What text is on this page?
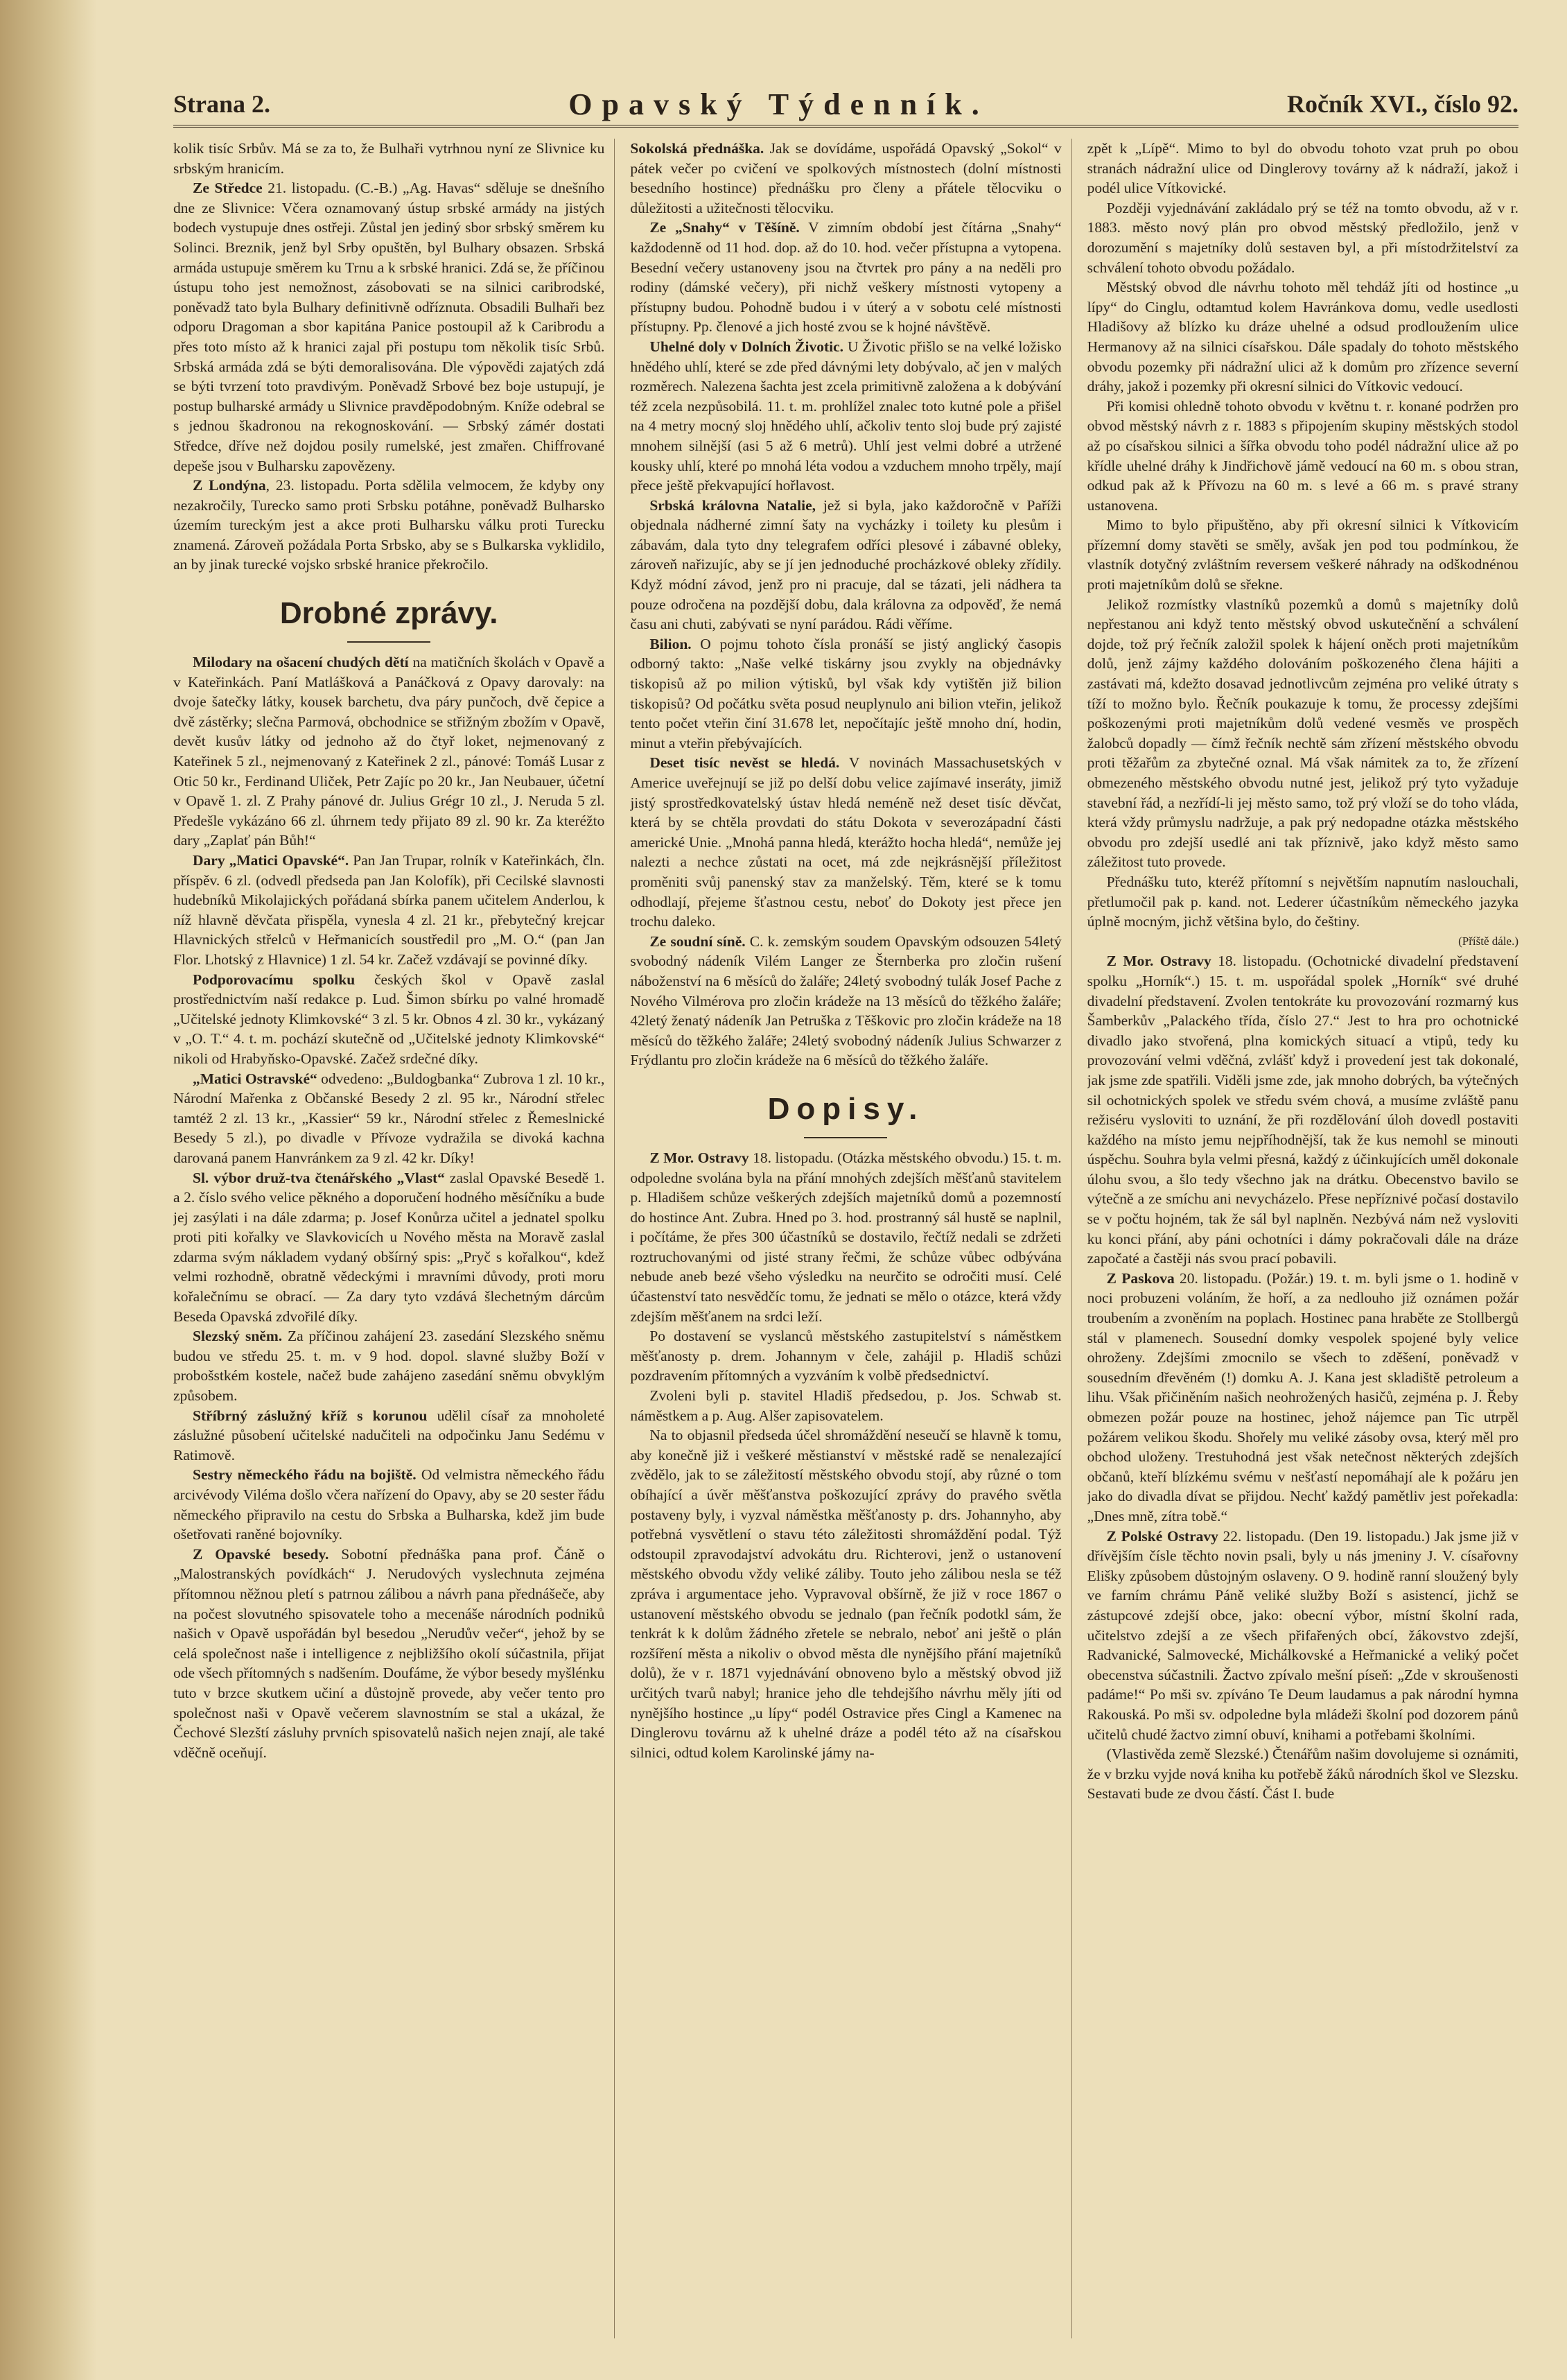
Strana 2.	Opavský Týdenník.	Ročník XVI., číslo 92.

kolik tisíc Srbův. Má se za to, že Bulhaři vytrhnou nyní ze Slivnice ku srbským hranicím.

Ze Středce 21. listopadu. (C.-B.) „Ag. Havas“ sděluje se dnešního dne ze Slivnice: Včera oznamovaný ústup srbské armády na jistých bodech vystupuje dnes ostřeji. Zůstal jen jediný sbor srbský směrem ku Solinci. Breznik, jenž byl Srby opuštěn, byl Bulhary obsazen. Srbská armáda ustupuje směrem ku Trnu a k srbské hranici. Zdá se, že příčinou ústupu toho jest nemožnost, zásobovati se na silnici caribrodské, poněvadž tato byla Bulhary definitivně odříznuta. Obsadili Bulhaři bez odporu Dragoman a sbor kapitána Panice postoupil až k Caribrodu a přes toto místo až k hranici zajal při postupu tom několik tisíc Srbů. Srbská armáda zdá se býti demoralisována. Dle výpovědi zajatých zdá se býti tvrzení toto pravdivým. Poněvadž Srbové bez boje ustupují, je postup bulharské armády u Slivnice pravděpodobným. Kníže odebral se s jednou škadronou na rekognoskování. — Srbský zámér dostati Středce, dříve než dojdou posily rumelské, jest zmařen. Chiffrované depeše jsou v Bulharsku zapovězeny.

Z Londýna, 23. listopadu. Porta sdělila velmocem, že kdyby ony nezakročily, Turecko samo proti Srbsku potáhne, poněvadž Bulharsko územím tureckým jest a akce proti Bulharsku válku proti Turecku znamená. Zároveň požádala Porta Srbsko, aby se s Bulkarska vyklidilo, an by jinak turecké vojsko srbské hranice překročilo.

Drobné zprávy.

Milodary na ošacení chudých dětí na matičních školách v Opavě a v Kateřinkách. Paní Matlášková a Panáčková z Opavy darovaly: na dvoje šatečky látky, kousek barchetu, dva páry punčoch, dvě čepice a dvě zástěrky; slečna Parmová, obchodnice se střižným zbožím v Opavě, devět kusův látky od jednoho až do čtyř loket, nejmenovaný z Kateřinek 5 zl., nejmenovaný z Kateřinek 2 zl., pánové: Tomáš Lusar z Otic 50 kr., Ferdinand Uliček, Petr Zajíc po 20 kr., Jan Neubauer, účetní v Opavě 1. zl. Z Prahy pánové dr. Julius Grégr 10 zl., J. Neruda 5 zl. Předešle vykázáno 66 zl. úhrnem tedy přijato 89 zl. 90 kr. Za kteréžto dary „Zaplať pán Bůh!“

Dary „Matici Opavské“. Pan Jan Trupar, rolník v Kateřinkách, čln. příspěv. 6 zl. (odvedl předseda pan Jan Kolofík), při Cecilské slavnosti hudebníků Mikolajických pořádaná sbírka panem učitelem Anderlou, k níž hlavně děvčata přispěla, vynesla 4 zl. 21 kr., přebytečný krejcar Hlavnických střelců v Heřmanicích soustředil pro „M. O.“ (pan Jan Flor. Lhotský z Hlavnice) 1 zl. 54 kr. Začež vzdávají se povinné díky.

Podporovacímu spolku českých škol v Opavě zaslal prostřednictvím naší redakce p. Lud. Šimon sbírku po valné hromadě „Učitelské jednoty Klimkovské“ 3 zl. 5 kr. Obnos 4 zl. 30 kr., vykázaný v „O. T.“ 4. t. m. pochází skutečně od „Učitelské jednoty Klimkovské“ nikoli od Hrabyňsko-Opavské. Začež srdečné díky.

„Matici Ostravské“ odvedeno: „Buldogbanka“ Zubrova 1 zl. 10 kr., Národní Mařenka z Občanské Besedy 2 zl. 95 kr., Národní střelec tamtéž 2 zl. 13 kr., „Kassier“ 59 kr., Národní střelec z Řemeslnické Besedy 5 zl.), po divadle v Přívoze vydražila se divoká kachna darovaná panem Hanvránkem za 9 zl. 42 kr. Díky!

Sl. výbor druž-tva čtenářského „Vlast“ zaslal Opavské Besedě 1. a 2. číslo svého velice pěkného a doporučení hodného měsíčníku a bude jej zasýlati i na dále zdarma; p. Josef Konůrza učitel a jednatel spolku proti piti kořalky ve Slavkovicích u Nového města na Moravě zaslal zdarma svým nákladem vydaný obšírný spis: „Pryč s kořalkou“, kdež velmi rozhodně, obratně vědeckými i mravními důvody, proti moru kořalečnímu se obrací. — Za dary tyto vzdává šlechetným dárcům Beseda Opavská zdvořilé díky.

Slezský sněm. Za příčinou zahájení 23. zasedání Slezského sněmu budou ve středu 25. t. m. v 9 hod. dopol. slavné služby Boží v probošstkém kostele, načež bude zahájeno zasedání sněmu obvyklým způsobem.

Stříbrný záslužný kříž s korunou udělil císař za mnoholeté záslužné působení učitelské nadučiteli na odpočinku Janu Sedému v Ratimově.

Sestry německého řádu na bojiště. Od velmistra německého řádu arcivévody Viléma došlo včera nařízení do Opavy, aby se 20 sester řádu německého připravilo na cestu do Srbska a Bulharska, kdež jim bude ošetřovati raněné bojovníky.

Z Opavské besedy. Sobotní přednáška pana prof. Čáně o „Malostranských povídkách“ J. Nerudových vyslechnuta zejména přítomnou něžnou pletí s patrnou zálibou a návrh pana přednášeče, aby na počest slovutného spisovatele toho a mecenáše národních podniků našich v Opavě uspořádán byl besedou „Nerudův večer“, jehož by se celá společnost naše i intelligence z nejbližšího okolí súčastnila, přijat ode všech přítomných s nadšením. Doufáme, že výbor besedy myšlénku tuto v brzce skutkem učiní a důstojně provede, aby večer tento pro společnost naši v Opavě večerem slavnostním se stal a ukázal, že Čechové Slezští zásluhy prvních spisovatelů našich nejen znají, ale také vděčně oceňují.

Sokolská přednáška. Jak se dovídáme, uspořádá Opavský „Sokol“ v pátek večer po cvičení ve spolkových místnostech (dolní místnosti besedního hostince) přednášku pro členy a přátele tělocviku o důležitosti a užitečnosti tělocviku.

Ze „Snahy“ v Těšíně. V zimním období jest čítárna „Snahy“ každodenně od 11 hod. dop. až do 10. hod. večer přístupna a vytopena. Besední večery ustanoveny jsou na čtvrtek pro pány a na neděli pro rodiny (dámské večery), při nichž veškery místnosti vytopeny a přístupny budou. Pohodně budou i v úterý a v sobotu celé místnosti přístupny. Pp. členové a jich hosté zvou se k hojné návštěvě.

Uhelné doly v Dolních Životic. U Životic přišlo se na velké ložisko hnědého uhlí, které se zde před dávnými lety dobývalo, ač jen v malých rozměrech. Nalezena šachta jest zcela primitivně založena a k dobývání též zcela nezpůsobilá. 11. t. m. prohlížel znalec toto kutné pole a přišel na 4 metry mocný sloj hnědého uhlí, ačkoliv tento sloj bude prý zajisté mnohem silnější (asi 5 až 6 metrů). Uhlí jest velmi dobré a utržené kousky uhlí, které po mnohá léta vodou a vzduchem mnoho trpěly, mají přece ještě překvapující hořlavost.

Srbská královna Natalie, jež si byla, jako každoročně v Paříži objednala nádherné zimní šaty na vycházky i toilety ku plesům i zábavám, dala tyto dny telegrafem odříci plesové i zábavné obleky, zároveň nařizujíc, aby se jí jen jednoduché procházkové obleky zřídily. Když módní závod, jenž pro ni pracuje, dal se tázati, jeli nádhera ta pouze odročena na pozdější dobu, dala královna za odpověď, že nemá času ani chuti, zabývati se nyní parádou. Rádi věříme.

Bilion. O pojmu tohoto čísla pronáší se jistý anglický časopis odborný takto: „Naše velké tiskárny jsou zvykly na objednávky tiskopisů až po milion výtisků, byl však kdy vytištěn již bilion tiskopisů? Od počátku světa posud neuplynulo ani bilion vteřin, jelikož tento počet vteřin činí 31.678 let, nepočítajíc ještě mnoho dní, hodin, minut a vteřin přebývajících.

Deset tisíc nevěst se hledá. V novinách Massachusetských v Americe uveřejnují se již po delší dobu velice zajímavé inseráty, jimiž jistý sprostředkovatelský ústav hledá neméně než deset tisíc děvčat, která by se chtěla provdati do státu Dokota v severozápadní části americké Unie. „Mnohá panna hledá, kterážto hocha hledá“, nemůže jej nalezti a nechce zůstati na ocet, má zde nejkrásnější příležitost proměniti svůj panenský stav za manželský. Těm, které se k tomu odhodlají, přejeme šťastnou cestu, neboť do Dokoty jest přece jen trochu daleko.

Ze soudní síně. C. k. zemským soudem Opavským odsouzen 54letý svobodný nádeník Vilém Langer ze Šternberka pro zločin rušení náboženství na 6 měsíců do žaláře; 24letý svobodný tulák Josef Pache z Nového Vilmérova pro zločin krádeže na 13 měsíců do těžkého žaláře; 42letý ženatý nádeník Jan Petruška z Těškovic pro zločin krádeže na 18 měsíců do těžkého žaláře; 24letý svobodný nádeník Julius Schwarzer z Frýdlantu pro zločin krádeže na 6 měsíců do těžkého žaláře.

Dopisy.

Z Mor. Ostravy 18. listopadu. (Otázka městského obvodu.) 15. t. m. odpoledne svolána byla na přání mnohých zdejších měšťanů stavitelem p. Hladišem schůze veškerých zdejších majetníků domů a pozemností do hostince Ant. Zubra. Hned po 3. hod. prostranný sál hustě se naplnil, i počítáme, že přes 300 účastníků se dostavilo, řečtíž nedali se zdržeti roztruchovanými od jisté strany řečmi, že schůze vůbec odbývána nebude aneb bezé všeho výsledku na neurčito se odročiti musí. Celé účastenství tato nesvědčíc tomu, že jednati se mělo o otázce, která vždy zdejším měšťanem na srdci leží.

Po dostavení se vyslanců městského zastupitelství s náměstkem měšťanosty p. drem. Johannym v čele, zahájil p. Hladiš schůzi pozdravením přítomných a vyzváním k volbě předsednictví.

Zvoleni byli p. stavitel Hladiš předsedou, p. Jos. Schwab st. náměstkem a p. Aug. Alšer zapisovatelem.

Na to objasnil předseda účel shromáždění neseučí se hlavně k tomu, aby konečně již i veškeré městianství v městské radě se nenalezající zvědělo, jak to se záležitostí městského obvodu stojí, aby různé o tom obíhající a úvěr měšťanstva poškozující zprávy do pravého světla postaveny byly, i vyzval náměstka měšťanosty p. drs. Johannyho, aby potřebná vysvětlení o stavu této záležitosti shromáždění podal. Týž odstoupil zpravodajství advokátu dru. Richterovi, jenž o ustanovení městského obvodu vždy veliké záliby. Touto jeho zálibou nesla se též zpráva i argumentace jeho. Vypravoval obšírně, že již v roce 1867 o ustanovení městského obvodu se jednalo (pan řečník podotkl sám, že tenkrát k k dolům žádného zřetele se nebralo, neboť ani ještě o plán rozšíření města a nikoliv o obvod města dle nynějšího přání majetníků dolů), že v r. 1871 vyjednávání obnoveno bylo a městský obvod již určitých tvarů nabyl; hranice jeho dle tehdejšího návrhu měly jíti od nynějšího hostince „u lípy“ podél Ostravice přes Cingl a Kamenec na Dinglerovu továrnu až k uhelné dráze a podél této až na císařskou silnici, odtud kolem Karolinské jámy na-

zpět k „Lípě“. Mimo to byl do obvodu tohoto vzat pruh po obou stranách nádražní ulice od Dinglerovy továrny až k nádraží, jakož i podél ulice Vítkovické.

Později vyjednávání zakládalo prý se též na tomto obvodu, až v r. 1883. město nový plán pro obvod městský předložilo, jenž v dorozumění s majetníky dolů sestaven byl, a při místodržitelství za schválení tohoto obvodu požádalo.

Městský obvod dle návrhu tohoto měl tehdáž jíti od hostince „u lípy“ do Cinglu, odtamtud kolem Havránkova domu, vedle usedlosti Hladišovy až blízko ku dráze uhelné a odsud prodloužením ulice Hermanovy až na silnici císařskou. Dále spadaly do tohoto městského obvodu pozemky při nádražní ulici až k domům pro zřízence severní dráhy, jakož i pozemky při okresní silnici do Vítkovic vedoucí.

Při komisi ohledně tohoto obvodu v květnu t. r. konané podržen pro obvod městský návrh z r. 1883 s připojením skupiny městských stodol až po císařskou silnici a šířka obvodu toho podél nádražní ulice až po křídle uhelné dráhy k Jindřichově jámě vedoucí na 60 m. s obou stran, odkud pak až k Přívozu na 60 m. s levé a 66 m. s pravé strany ustanovena.

Mimo to bylo připuštěno, aby při okresní silnici k Vítkovicím přízemní domy stavěti se směly, avšak jen pod tou podmínkou, že vlastník dotyčný zvláštním reversem veškeré náhrady na odškodnénou proti majetníkům dolů se sřekne.

Jelikož rozmístky vlastníků pozemků a domů s majetníky dolů nepřestanou ani když tento městský obvod uskutečnění a schválení dojde, tož prý řečník založil spolek k hájení oněch proti majetníkům dolů, jenž zájmy každého dolováním poškozeného člena hájiti a zastávati má, kdežto dosavad jednotlivcům zejména pro veliké útraty s tíží to možno bylo. Řečník poukazuje k tomu, že processy zdejšími poškozenými proti majetníkům dolů vedené vesměs ve prospěch žalobců dopadly — čímž řečník nechtě sám zřízení městského obvodu proti těžařům za zbytečné oznal. Má však námitek za to, že zřízení obmezeného městského obvodu nutné jest, jelikož prý tyto vyžaduje stavební řád, a nezřídí-li jej město samo, tož prý vloží se do toho vláda, která vždy průmyslu nadržuje, a pak prý nedopadne otázka městského obvodu pro zdejší usedlé ani tak příznivě, jako když město samo záležitost tuto provede.

Přednášku tuto, kteréž přítomní s největším napnutím naslouchali, přetlumočil pak p. kand. not. Lederer účastníkům německého jazyka úplně mocným, jichž většina bylo, do češtiny.

(Příště dále.)

Z Mor. Ostravy 18. listopadu. (Ochotnické divadelní představení spolku „Horník“.) 15. t. m. uspořádal spolek „Horník“ své druhé divadelní představení. Zvolen tentokráte ku provozování rozmarný kus Šamberkův „Palackého třída, číslo 27.“ Jest to hra pro ochotnické divadlo jako stvořená, plna komických situací a vtipů, tedy ku provozování velmi vděčná, zvlášť když i provedení jest tak dokonalé, jak jsme zde spatřili. Viděli jsme zde, jak mnoho dobrých, ba výtečných sil ochotnických spolek ve středu svém chová, a musíme zvláště panu režiséru vysloviti to uznání, že při rozdělování úloh dovedl postaviti každého na místo jemu nejpříhodnější, tak že kus nemohl se minouti úspěchu. Souhra byla velmi přesná, každý z účinkujících uměl dokonale úlohu svou, a šlo tedy všechno jak na drátku. Obecenstvo bavilo se výtečně a ze smíchu ani nevycházelo. Přese nepříznivé počasí dostavilo se v počtu hojném, tak že sál byl naplněn. Nezbývá nám než vysloviti ku konci přání, aby páni ochotníci i dámy pokračovali dále na dráze započaté a častěji nás svou prací pobavili.

Z Paskova 20. listopadu. (Požár.) 19. t. m. byli jsme o 1. hodině v noci probuzeni voláním, že hoří, a za nedlouho již oznámen požár troubením a zvoněním na poplach. Hostinec pana hraběte ze Stollbergů stál v plamenech. Sousední domky vespolek spojené byly velice ohroženy. Zdejšími zmocnilo se všech to zděšení, poněvadž v sousedním dřevěném (!) domku A. J. Kana jest skladiště petroleum a lihu. Však přičiněním našich neohrožených hasičů, zejména p. J. Řeby obmezen požár pouze na hostinec, jehož nájemce pan Tic utrpěl požárem velikou škodu. Shořely mu veliké zásoby ovsa, který měl pro obchod uloženy. Trestuhodná jest však netečnost některých zdejších občanů, kteří blízkému svému v nešťastí nepomáhají ale k požáru jen jako do divadla dívat se přijdou. Nechť každý pamětliv jest pořekadla: „Dnes mně, zítra tobě.“

Z Polské Ostravy 22. listopadu. (Den 19. listopadu.) Jak jsme již v dřívějším čísle těchto novin psali, byly u nás jmeniny J. V. císařovny Elišky způsobem důstojným oslaveny. O 9. hodině ranní sloužený byly ve farním chrámu Páně veliké služby Boží s asistencí, jichž se zástupcové zdejší obce, jako: obecní výbor, místní školní rada, učitelstvo zdejší a ze všech přifařených obcí, žákovstvo zdejší, Radvanické, Salmovecké, Michálkovské a Heřmanické a veliký počet obecenstva súčastnili. Žactvo zpívalo mešní píseň: „Zde v skroušenosti padáme!“ Po mši sv. zpíváno Te Deum laudamus a pak národní hymna Rakouská. Po mši sv. odpoledne byla mládeži školní pod dozorem pánů učitelů chudé žactvo zimní obuví, knihami a potřebami školními.

(Vlastivěda země Slezské.) Čtenářům našim dovolujeme si oznámiti, že v brzku vyjde nová kniha ku potřebě žáků národních škol ve Slezsku. Sestavati bude ze dvou částí. Část I. bude
